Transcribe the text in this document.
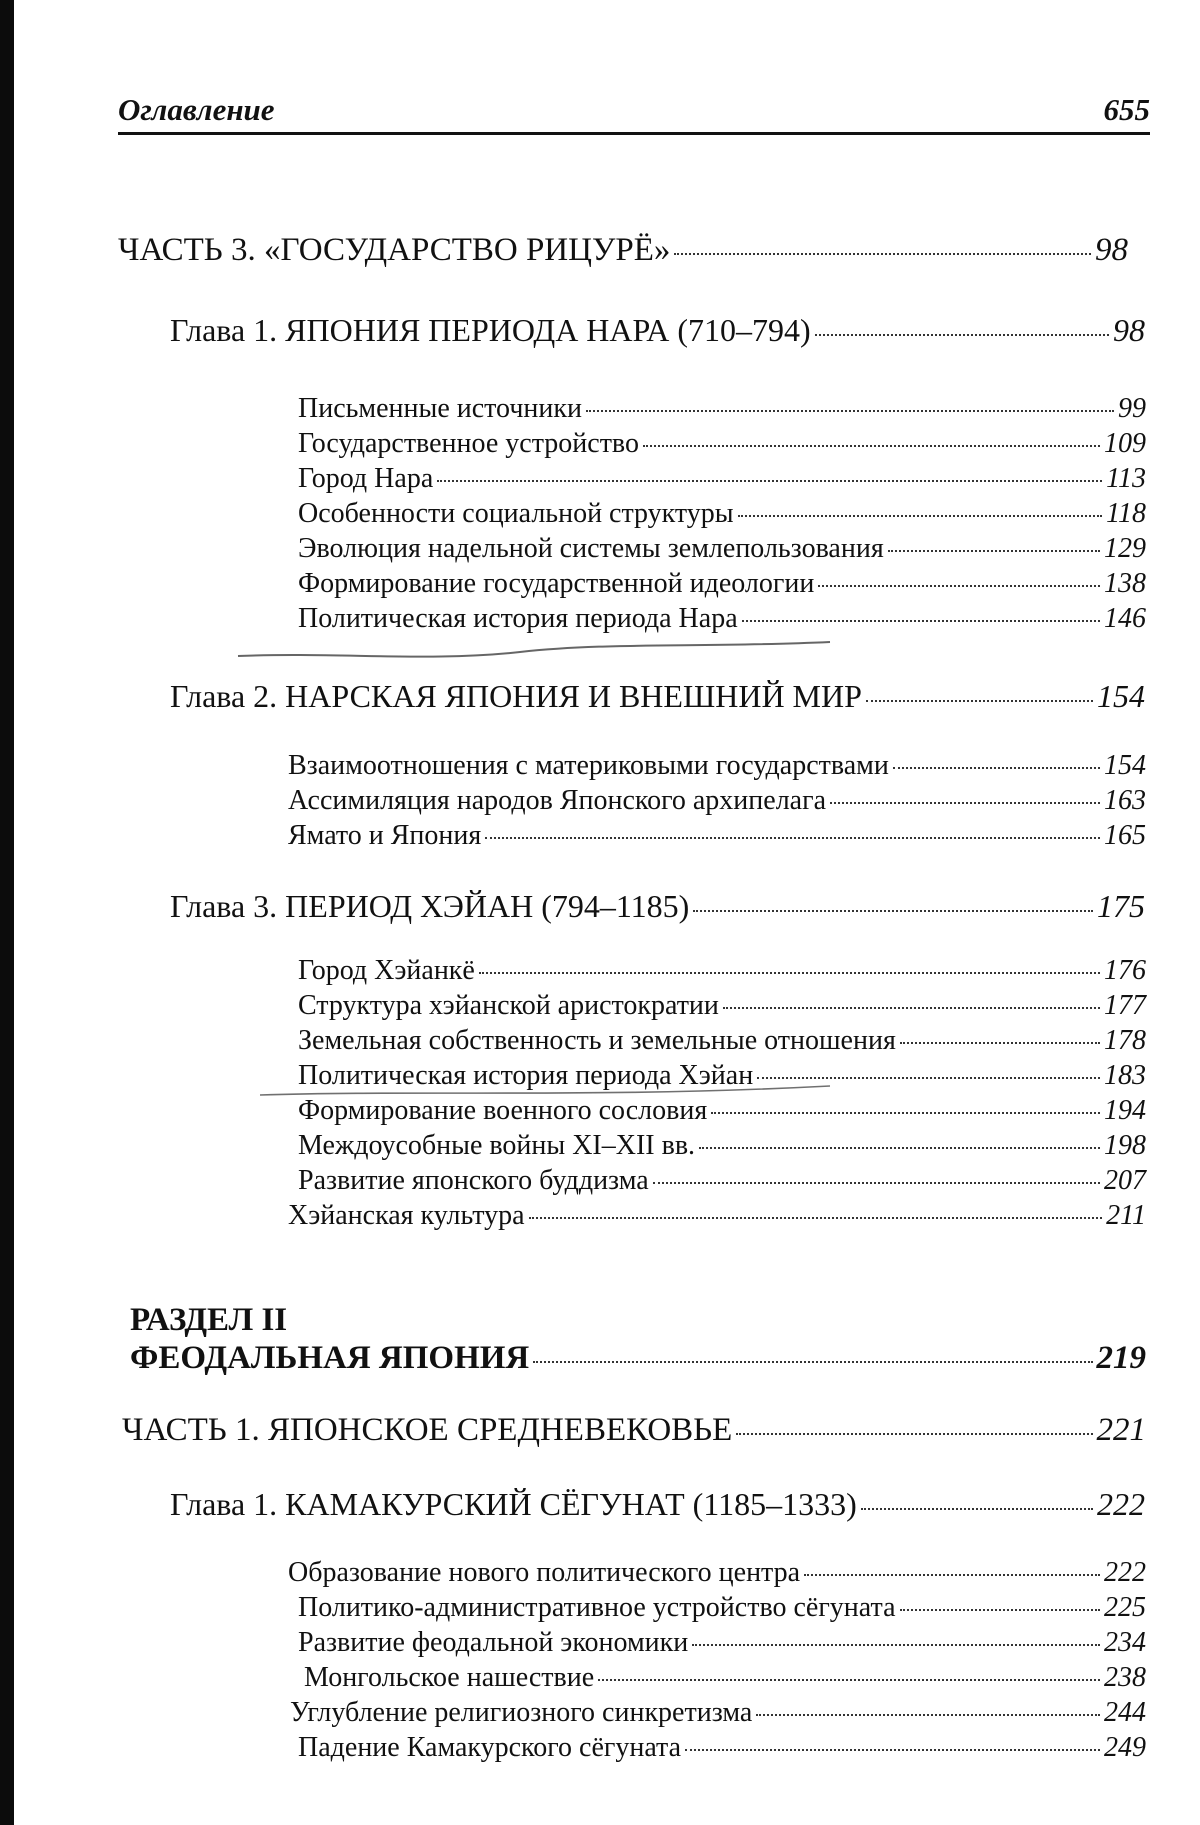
Оглавление	655
ЧАСТЬ 3. «ГОСУДАРСТВО РИЦУРЁ»	98
Глава 1. ЯПОНИЯ ПЕРИОДА НАРА (710–794)	98
Письменные источники	99
Государственное устройство	109
Город Нара	113
Особенности социальной структуры	118
Эволюция надельной системы землепользования	129
Формирование государственной идеологии	138
Политическая история периода Нара	146
Глава 2. НАРСКАЯ ЯПОНИЯ И ВНЕШНИЙ МИР	154
Взаимоотношения с материковыми государствами	154
Ассимиляция народов Японского архипелага	163
Ямато и Япония	165
Глава 3. ПЕРИОД ХЭЙАН (794–1185)	175
Город Хэйанкё	176
Структура хэйанской аристократии	177
Земельная собственность и земельные отношения	178
Политическая история периода Хэйан	183
Формирование военного сословия	194
Междоусобные войны XI–XII вв.	198
Развитие японского буддизма	207
Хэйанская культура	211
РАЗДЕЛ II
ФЕОДАЛЬНАЯ ЯПОНИЯ	219
ЧАСТЬ 1. ЯПОНСКОЕ СРЕДНЕВЕКОВЬЕ	221
Глава 1. КАМАКУРСКИЙ СЁГУНАТ (1185–1333)	222
Образование нового политического центра	222
Политико-административное устройство сёгуната	225
Развитие феодальной экономики	234
Монгольское нашествие	238
Углубление религиозного синкретизма	244
Падение Камакурского сёгуната	249
